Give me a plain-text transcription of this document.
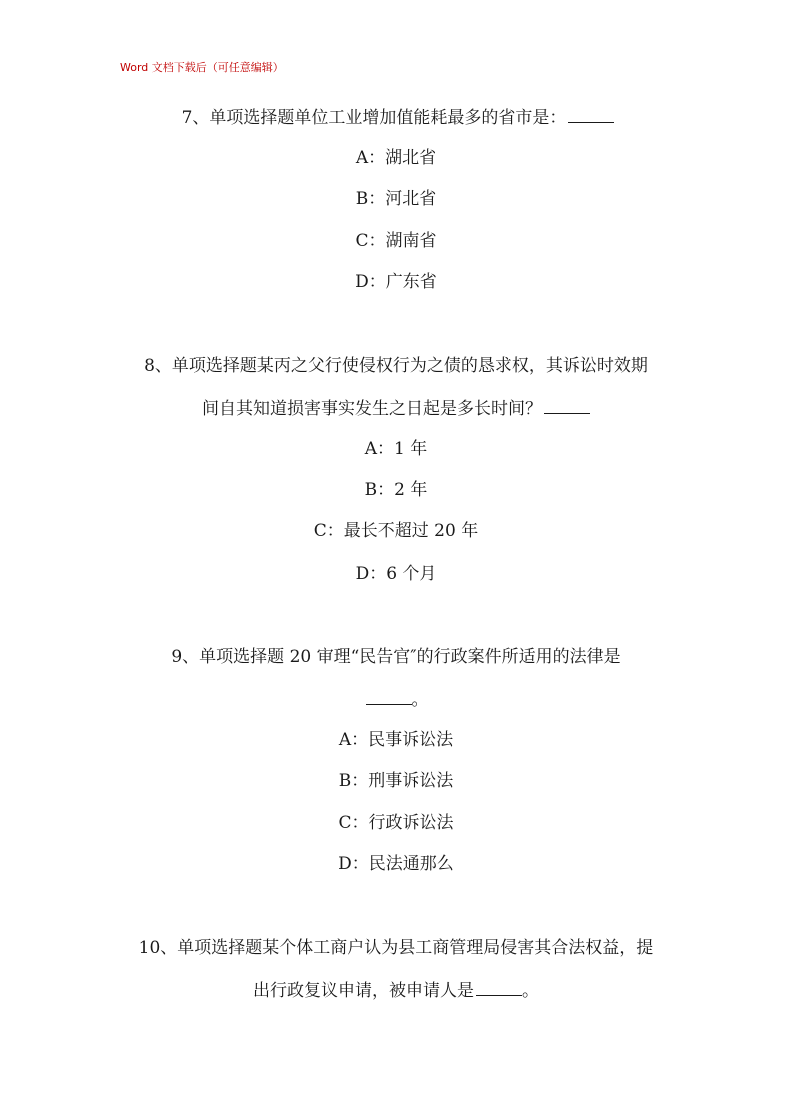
Word 文档下载后（可任意编辑）
7、单项选择题单位工业增加值能耗最多的省市是：
A：湖北省
B：河北省
C：湖南省
D：广东省
8、单项选择题某丙之父行使侵权行为之债的恳求权，其诉讼时效期
间自其知道损害事实发生之日起是多长时间？
A：1 年
B：2 年
C：最长不超过 20 年
D：6 个月
9、单项选择题 20 审理“民告官″的行政案件所适用的法律是
。
A：民事诉讼法
B：刑事诉讼法
C：行政诉讼法
D：民法通那么
10、单项选择题某个体工商户认为县工商管理局侵害其合法权益，提
出行政复议申请，被申请人是	。
